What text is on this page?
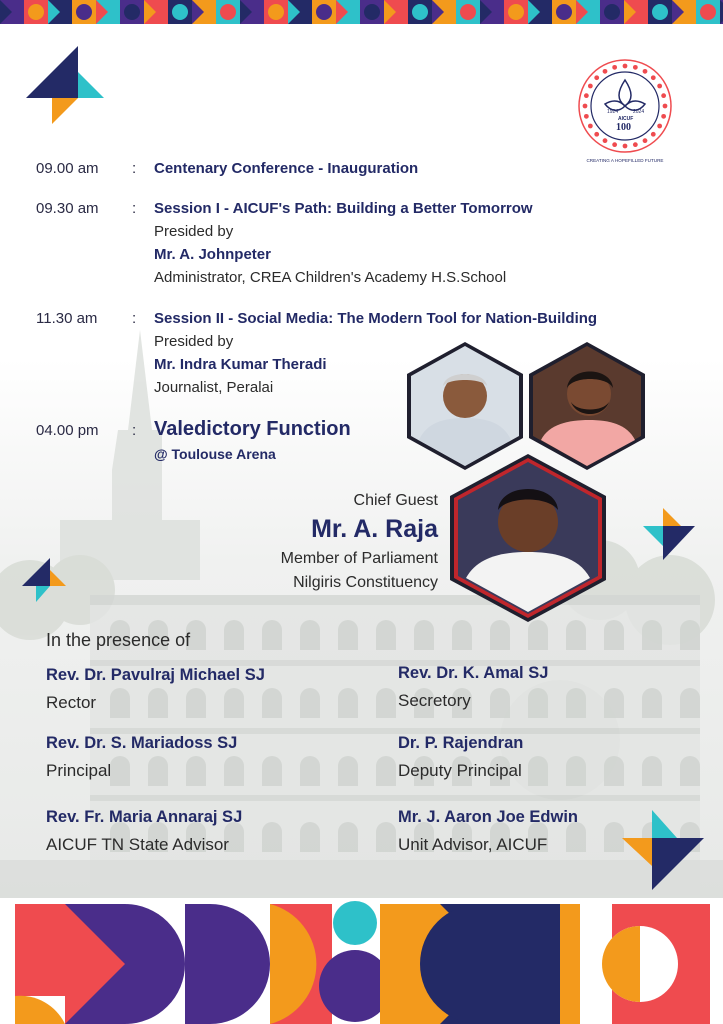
1924	2024
AICUF
100
CREATING A HOPEFILLED FUTURE
09.00 am	: Centenary Conference - Inauguration
09.30 am	: Session I - AICUF's Path: Building a Better Tomorrow
Presided by
Mr. A. Johnpeter
Administrator, CREA Children's Academy H.S.School
11.30 am	: Session II - Social Media: The Modern Tool for Nation-Building
Presided by
Mr. Indra Kumar Theradi
Journalist, Peralai
04.00 pm	: Valedictory Function
@ Toulouse Arena
Chief Guest
Mr. A. Raja
Member of Parliament
Nilgiris Constituency
In the presence of
Rev. Dr. Pavulraj Michael SJ
Rector
Rev. Dr. K. Amal SJ
Secretory
Rev. Dr. S. Mariadoss SJ
Principal
Dr. P. Rajendran
Deputy Principal
Rev. Fr. Maria Annaraj SJ
AICUF TN State Advisor
Mr. J. Aaron Joe Edwin
Unit Advisor, AICUF
